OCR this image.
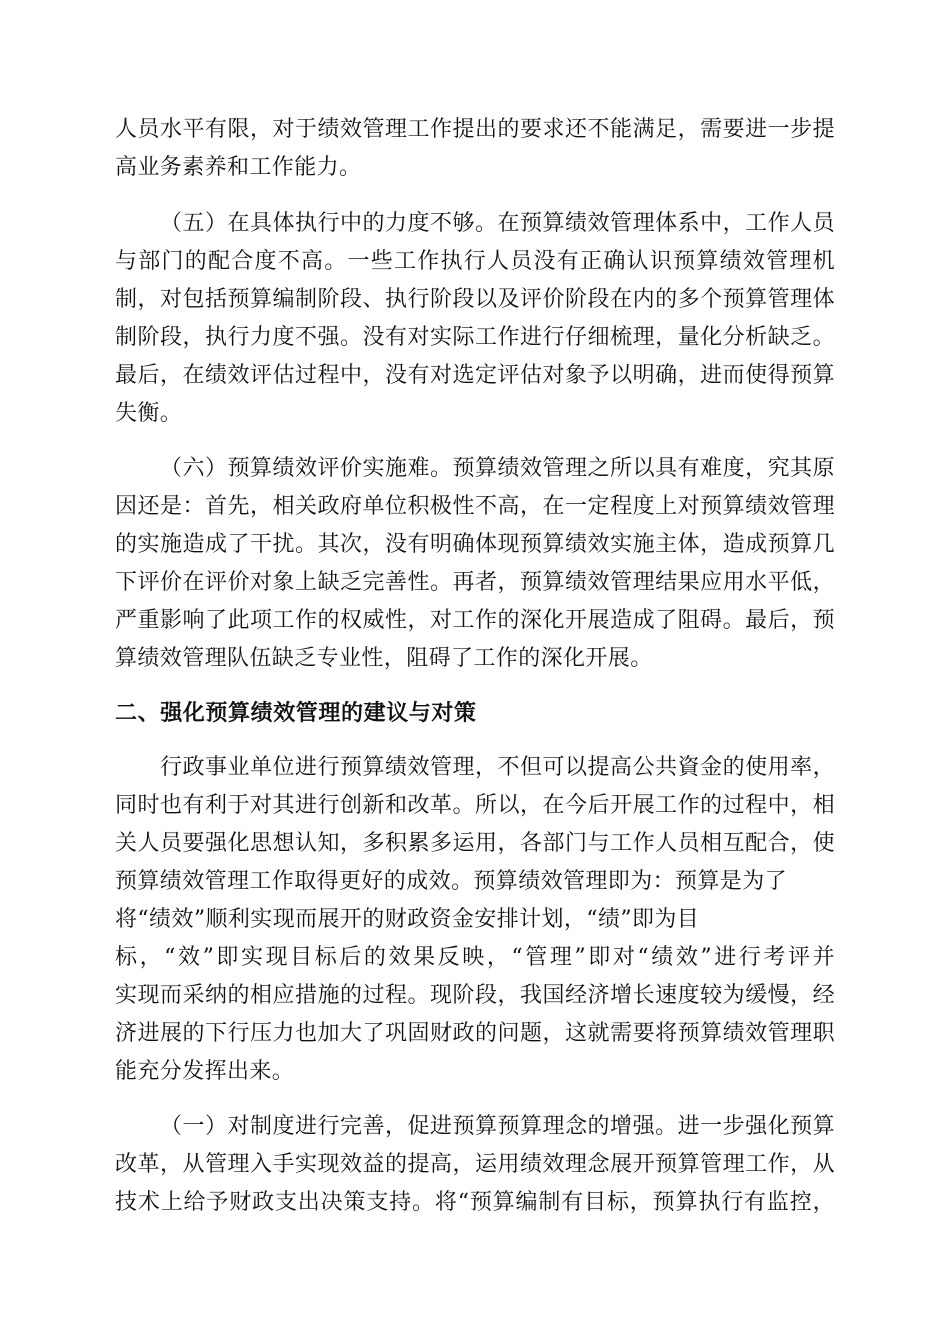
人员水平有限，对于绩效管理工作提出的要求还不能满足，需要进一步提
高业务素养和工作能力。
（五）在具体执行中的力度不够。在预算绩效管理体系中，工作人员
与部门的配合度不高。一些工作执行人员没有正确认识预算绩效管理机
制，对包括预算编制阶段、执行阶段以及评价阶段在内的多个预算管理体
制阶段，执行力度不强。没有对实际工作进行仔细梳理，量化分析缺乏。
最后，在绩效评估过程中，没有对选定评估对象予以明确，进而使得预算
失衡。
（六）预算绩效评价实施难。预算绩效管理之所以具有难度，究其原
因还是：首先，相关政府单位积极性不高，在一定程度上对预算绩效管理
的实施造成了干扰。其次，没有明确体现预算绩效实施主体，造成预算几
下评价在评价对象上缺乏完善性。再者，预算绩效管理结果应用水平低，
严重影响了此项工作的权威性，对工作的深化开展造成了阻碍。最后，预
算绩效管理队伍缺乏专业性，阻碍了工作的深化开展。
二、强化预算绩效管理的建议与对策
行政事业单位进行预算绩效管理，不但可以提高公共資金的使用率，
同时也有利于对其进行创新和改革。所以，在今后开展工作的过程中，相
关人员要强化思想认知，多积累多运用，各部门与工作人员相互配合，使
预算绩效管理工作取得更好的成效。预算绩效管理即为：预算是为了
将“绩效”顺利实现而展开的财政资金安排计划，“绩”即为目
标，“效”即实现目标后的效果反映，“管理”即对“绩效”进行考评并
实现而采纳的相应措施的过程。现阶段，我国经济增长速度较为缓慢，经
济进展的下行压力也加大了巩固财政的问题，这就需要将预算绩效管理职
能充分发挥出来。
（一）对制度进行完善，促进预算预算理念的增强。进一步强化预算
改革，从管理入手实现效益的提高，运用绩效理念展开预算管理工作，从
技术上给予财政支出决策支持。将“预算编制有目标，预算执行有监控，
